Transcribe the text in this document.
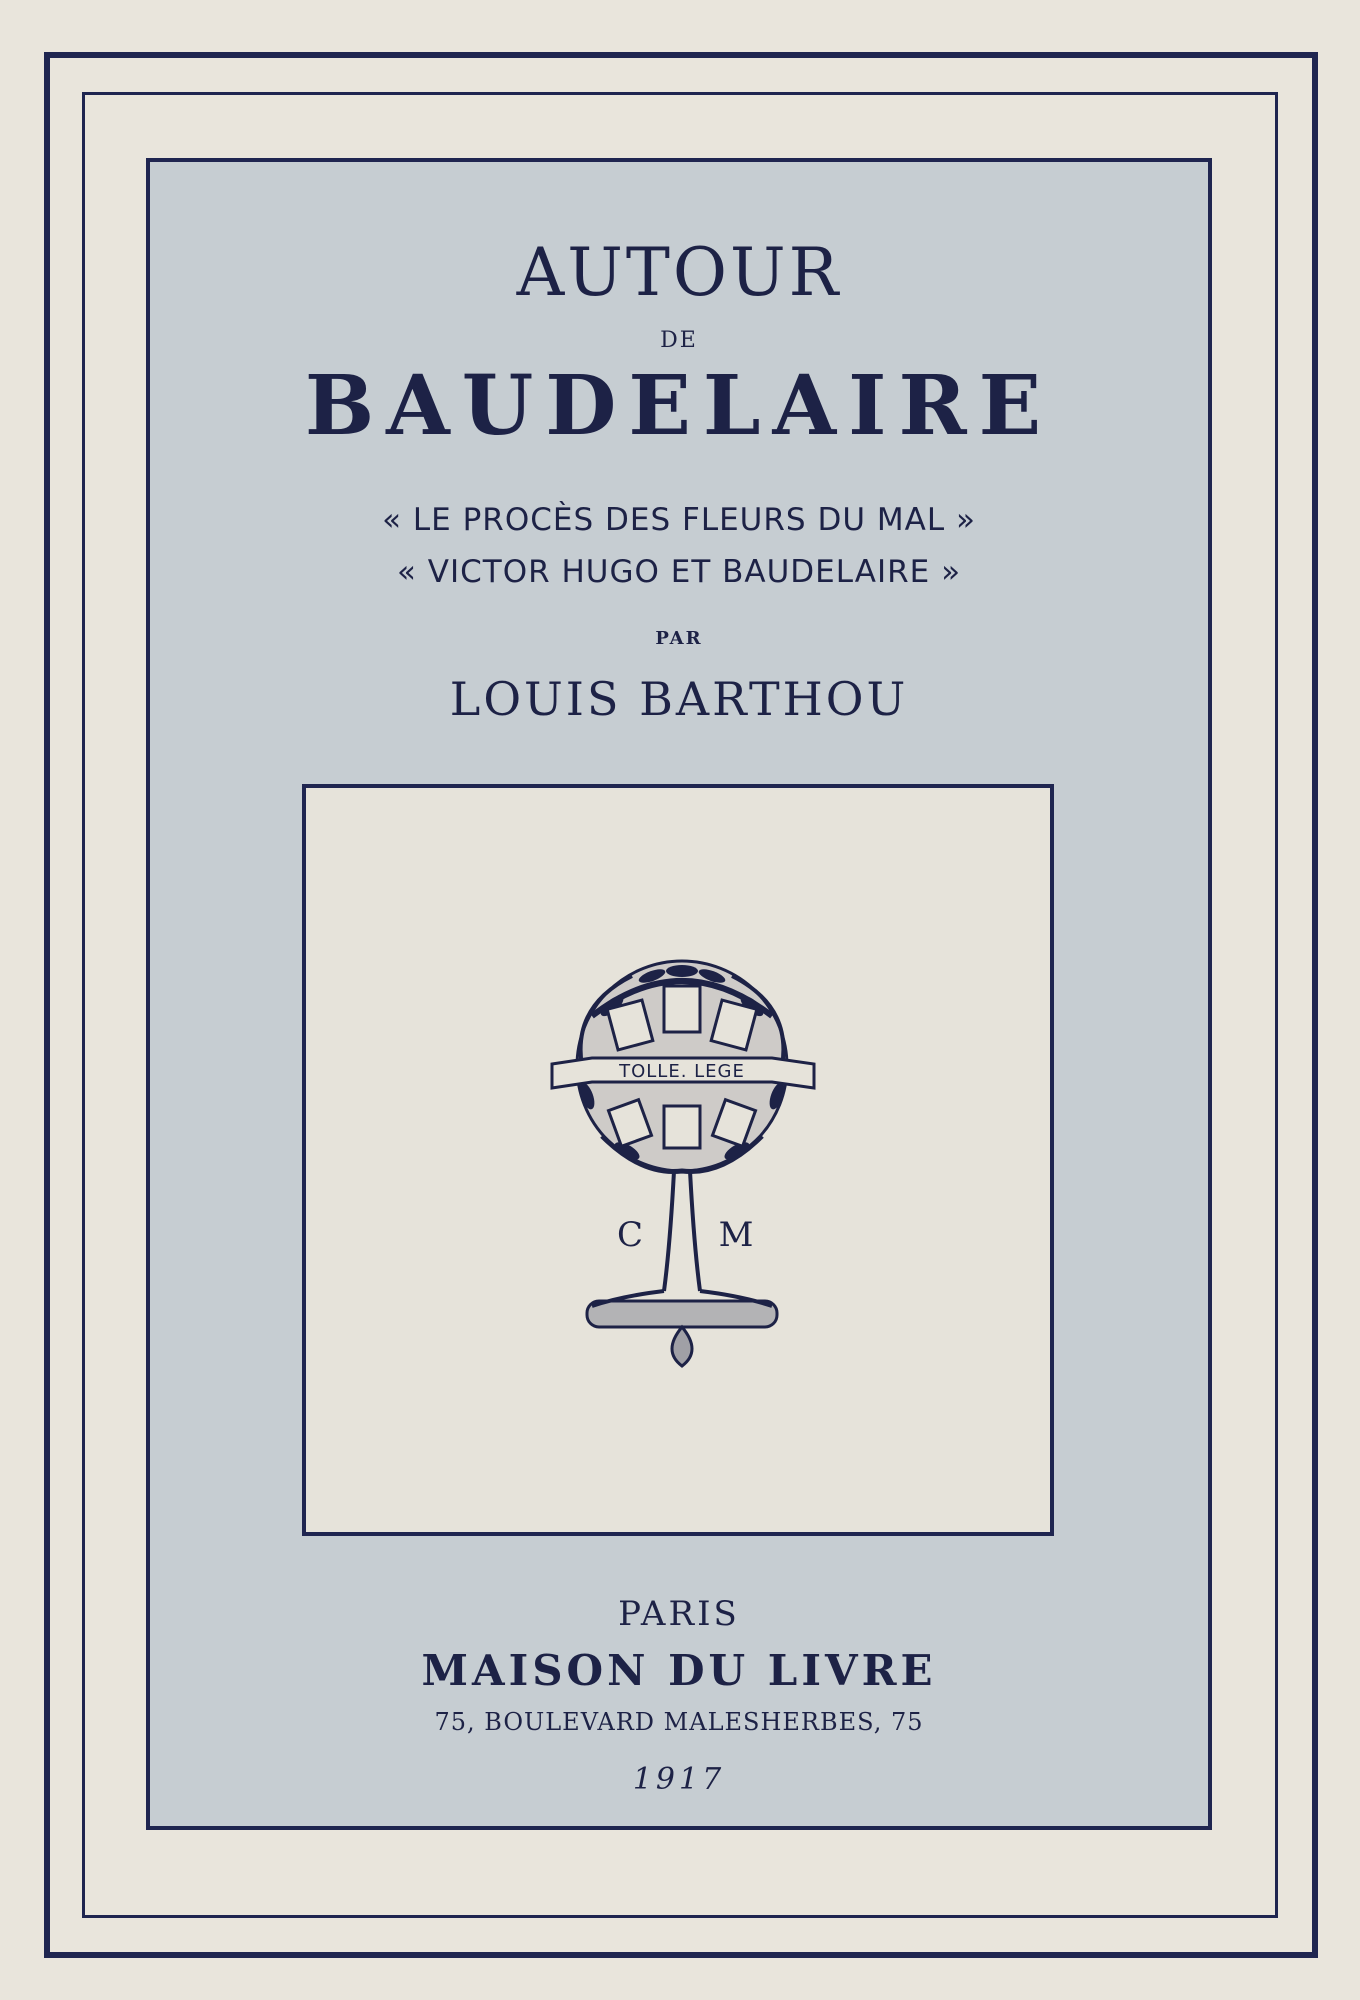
AUTOUR

DE

BAUDELAIRE

« LE PROCÈS DES FLEURS DU MAL »

« VICTOR HUGO ET BAUDELAIRE »

PAR

LOUIS BARTHOU

TOLLE. LEGE
C M

PARIS

MAISON DU LIVRE

75, BOULEVARD MALESHERBES, 75

1917
